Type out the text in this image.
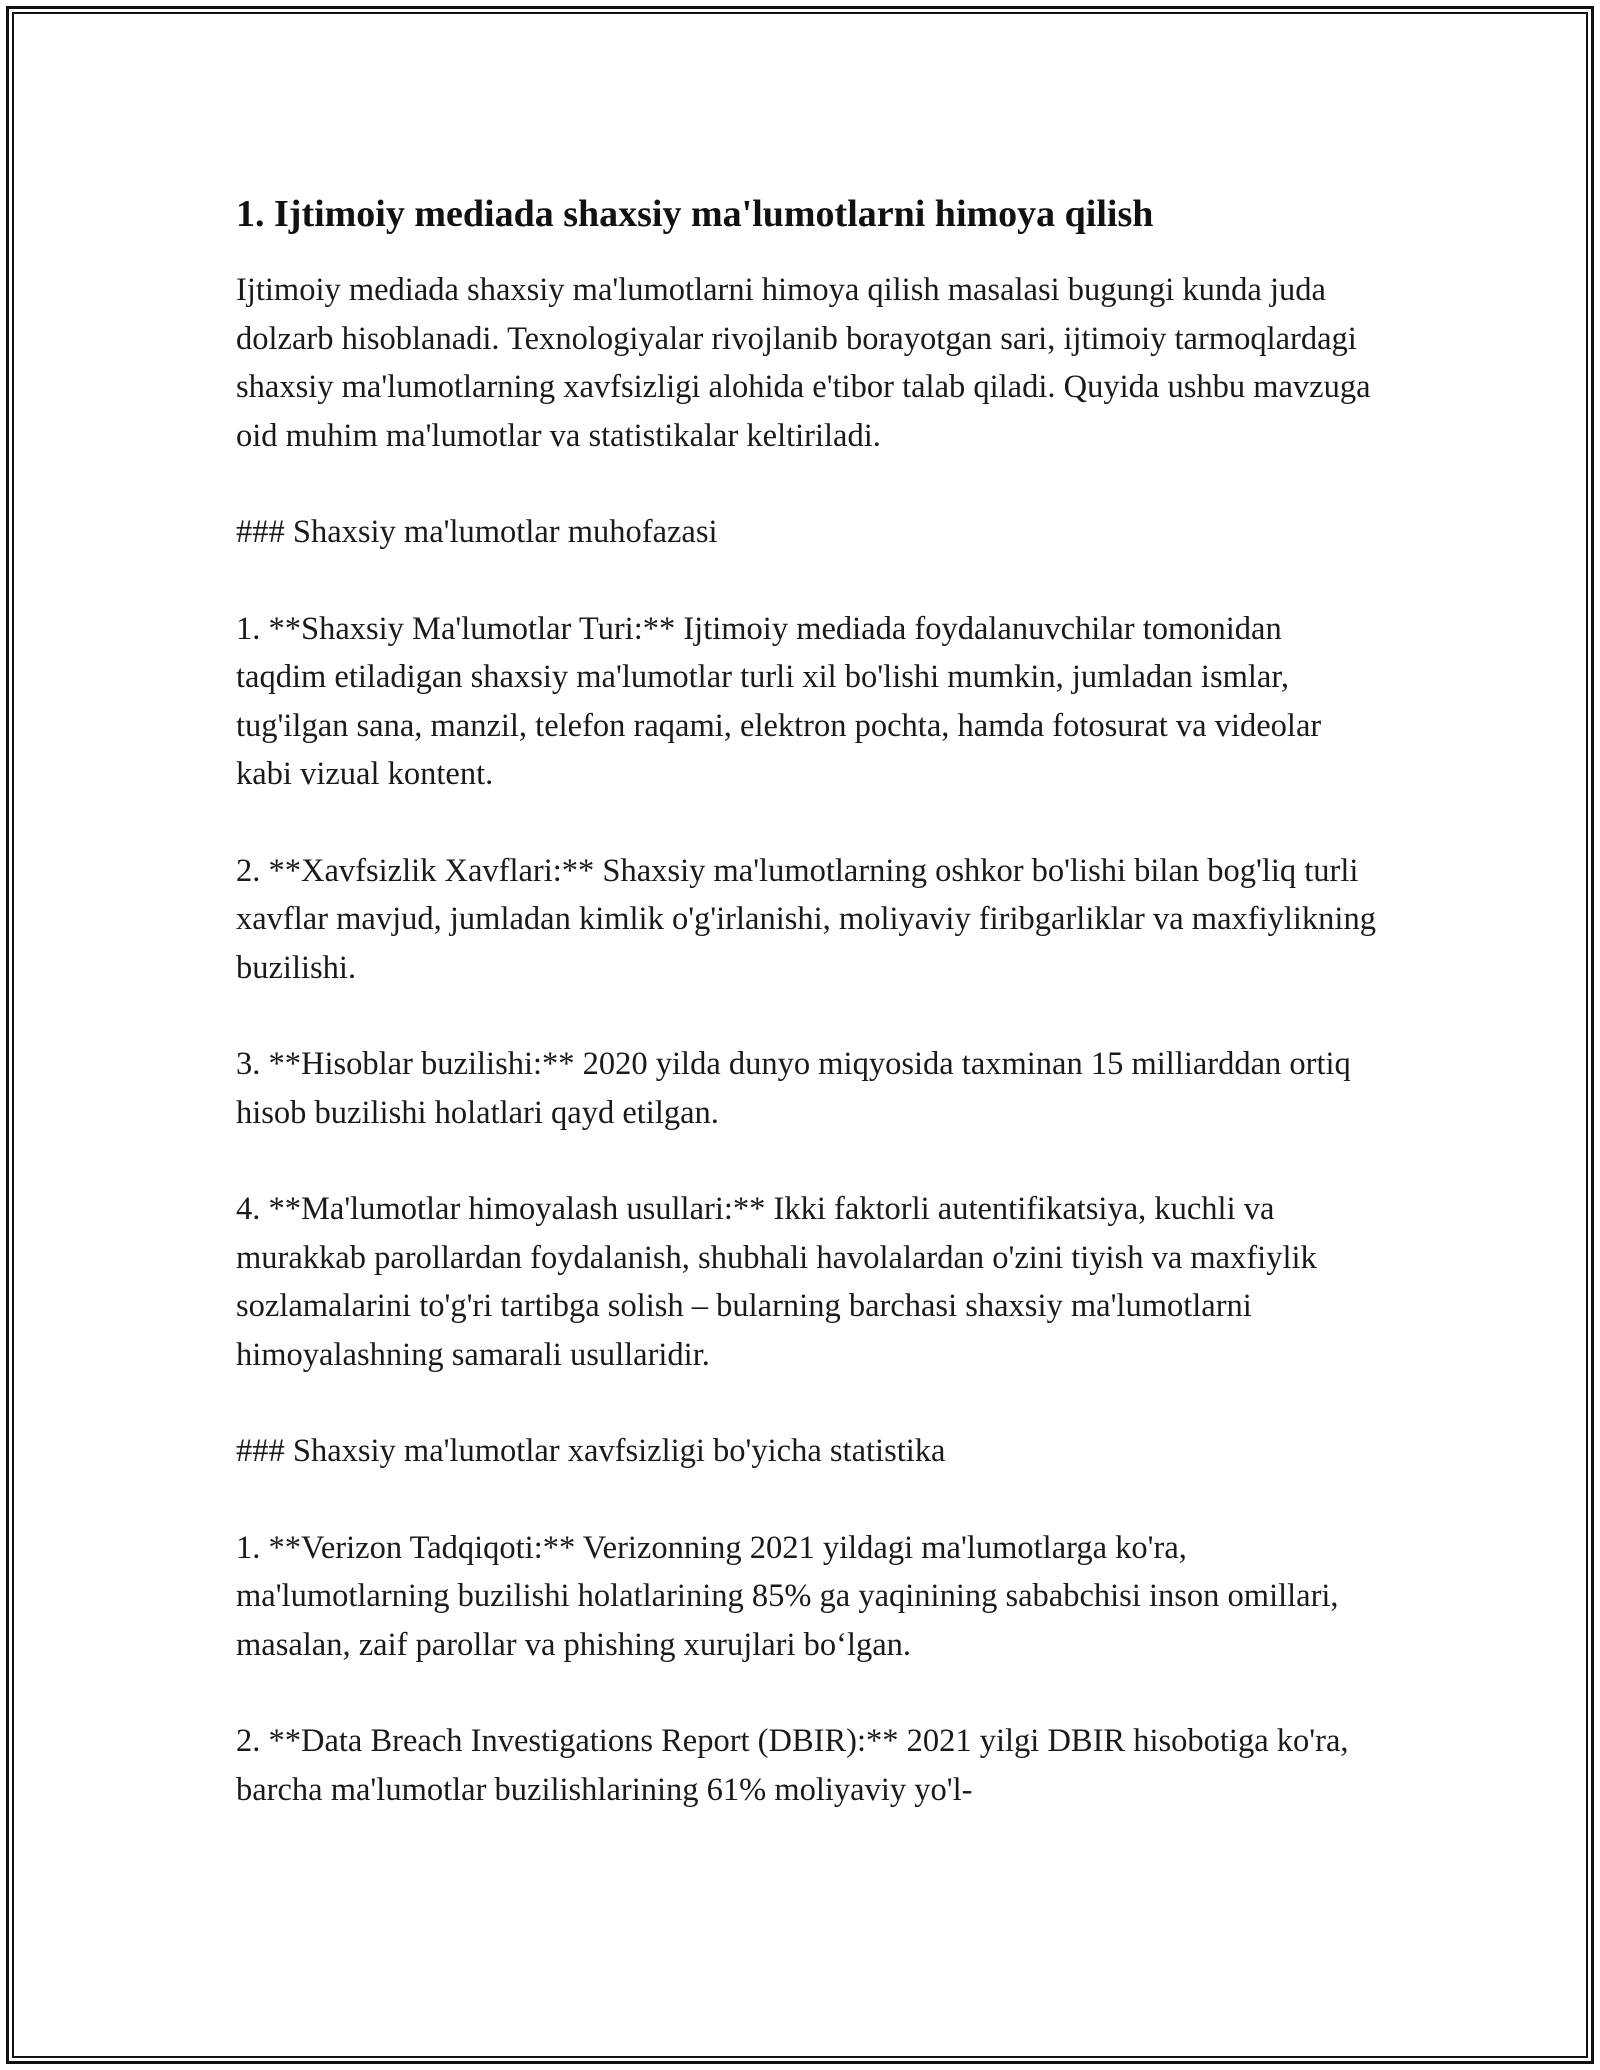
1. Ijtimoiy mediada shaxsiy ma'lumotlarni himoya qilish

Ijtimoiy mediada shaxsiy ma'lumotlarni himoya qilish masalasi bugungi kunda juda dolzarb hisoblanadi. Texnologiyalar rivojlanib borayotgan sari, ijtimoiy tarmoqlardagi shaxsiy ma'lumotlarning xavfsizligi alohida e'tibor talab qiladi. Quyida ushbu mavzuga oid muhim ma'lumotlar va statistikalar keltiriladi.

### Shaxsiy ma'lumotlar muhofazasi

1. **Shaxsiy Ma'lumotlar Turi:** Ijtimoiy mediada foydalanuvchilar tomonidan taqdim etiladigan shaxsiy ma'lumotlar turli xil bo'lishi mumkin, jumladan ismlar, tug'ilgan sana, manzil, telefon raqami, elektron pochta, hamda fotosurat va videolar kabi vizual kontent.

2. **Xavfsizlik Xavflari:** Shaxsiy ma'lumotlarning oshkor bo'lishi bilan bog'liq turli xavflar mavjud, jumladan kimlik o'g'irlanishi, moliyaviy firibgarliklar va maxfiylikning buzilishi.

3. **Hisoblar buzilishi:** 2020 yilda dunyo miqyosida taxminan 15 milliarddan ortiq hisob buzilishi holatlari qayd etilgan.

4. **Ma'lumotlar himoyalash usullari:** Ikki faktorli autentifikatsiya, kuchli va murakkab parollardan foydalanish, shubhali havolalardan o'zini tiyish va maxfiylik sozlamalarini to'g'ri tartibga solish – bularning barchasi shaxsiy ma'lumotlarni himoyalashning samarali usullaridir.

### Shaxsiy ma'lumotlar xavfsizligi bo'yicha statistika

1. **Verizon Tadqiqoti:** Verizonning 2021 yildagi ma'lumotlarga ko'ra, ma'lumotlarning buzilishi holatlarining 85% ga yaqinining sababchisi inson omillari, masalan, zaif parollar va phishing xurujlari bo‘lgan.

2. **Data Breach Investigations Report (DBIR):** 2021 yilgi DBIR hisobotiga ko'ra, barcha ma'lumotlar buzilishlarining 61% moliyaviy yo'l-
